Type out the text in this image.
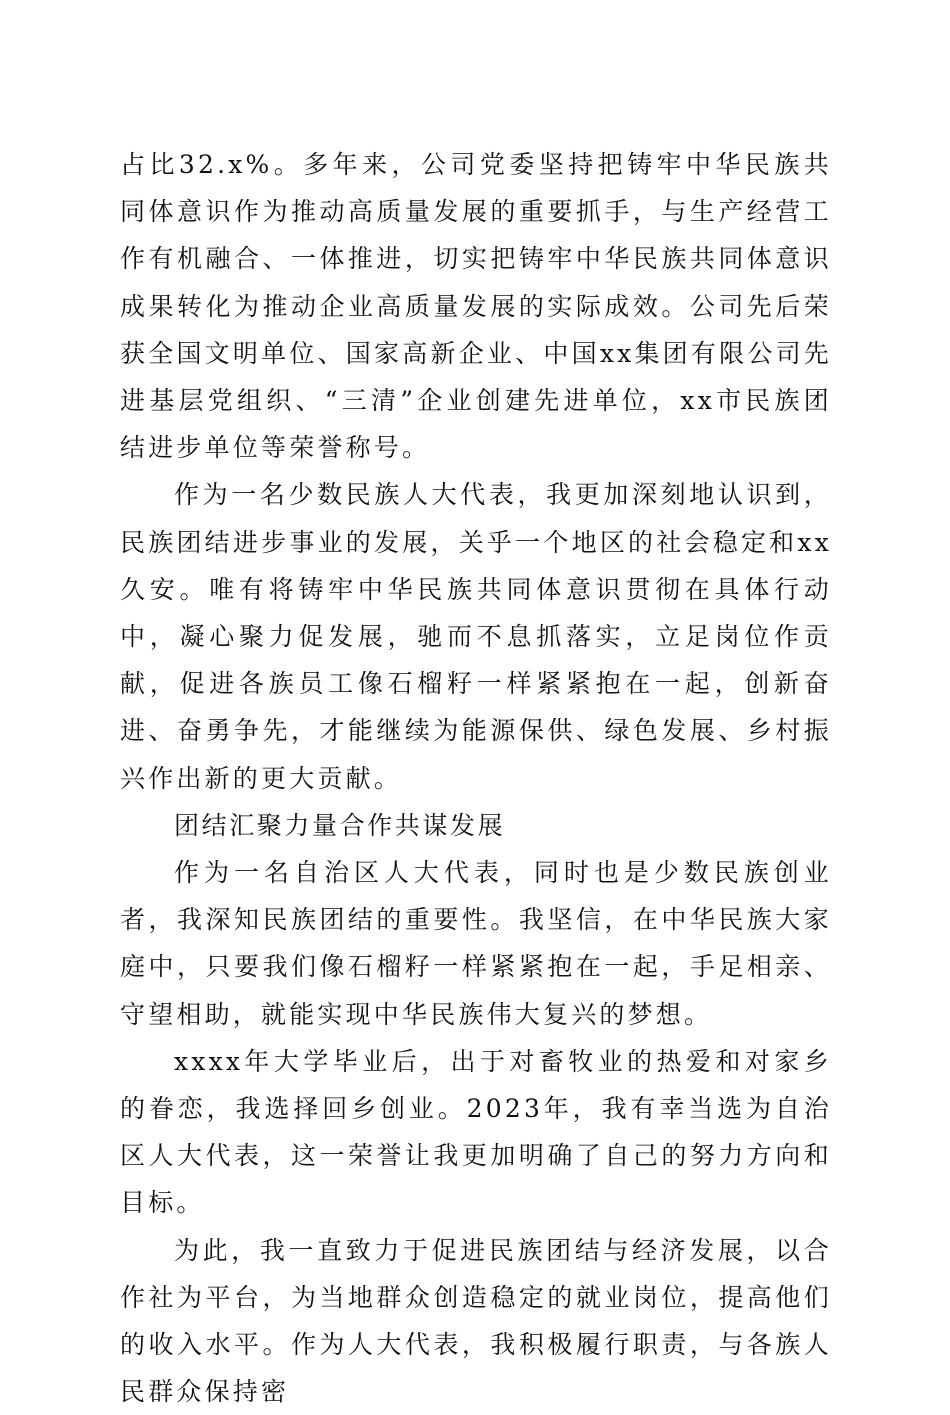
占比32.x%。多年来，公司党委坚持把铸牢中华民族共同体意识作为推动高质量发展的重要抓手，与生产经营工作有机融合、一体推进，切实把铸牢中华民族共同体意识成果转化为推动企业高质量发展的实际成效。公司先后荣获全国文明单位、国家高新企业、中国xx集团有限公司先进基层党组织、“三清”企业创建先进单位，xx市民族团结进步单位等荣誉称号。

作为一名少数民族人大代表，我更加深刻地认识到，民族团结进步事业的发展，关乎一个地区的社会稳定和xx久安。唯有将铸牢中华民族共同体意识贯彻在具体行动中，凝心聚力促发展，驰而不息抓落实，立足岗位作贡献，促进各族员工像石榴籽一样紧紧抱在一起，创新奋进、奋勇争先，才能继续为能源保供、绿色发展、乡村振兴作出新的更大贡献。

团结汇聚力量合作共谋发展

作为一名自治区人大代表，同时也是少数民族创业者，我深知民族团结的重要性。我坚信，在中华民族大家庭中，只要我们像石榴籽一样紧紧抱在一起，手足相亲、守望相助，就能实现中华民族伟大复兴的梦想。

xxxx年大学毕业后，出于对畜牧业的热爱和对家乡的眷恋，我选择回乡创业。2023年，我有幸当选为自治区人大代表，这一荣誉让我更加明确了自己的努力方向和目标。

为此，我一直致力于促进民族团结与经济发展，以合作社为平台，为当地群众创造稳定的就业岗位，提高他们的收入水平。作为人大代表，我积极履行职责，与各族人民群众保持密
